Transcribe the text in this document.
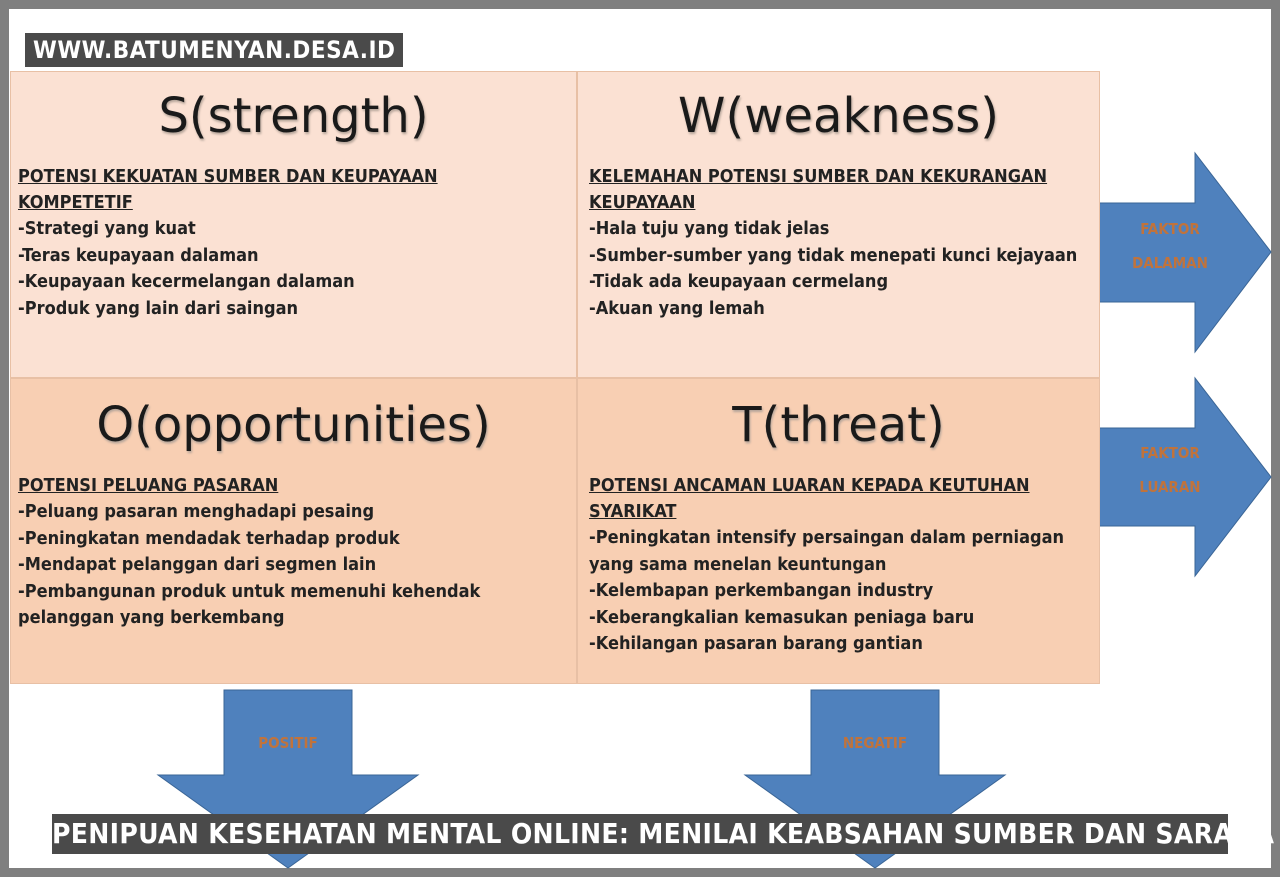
FAKTOR
DALAMAN
FAKTOR
LUARAN
POSITIF	NEGATIF
S(strength)
POTENSI KEKUATAN SUMBER DAN KEUPAYAAN
KOMPETETIF
-Strategi yang kuat
-Teras keupayaan dalaman
-Keupayaan kecermelangan dalaman
-Produk yang lain dari saingan
W(weakness)
KELEMAHAN POTENSI SUMBER DAN KEKURANGAN
KEUPAYAAN
-Hala tuju yang tidak jelas
-Sumber-sumber yang tidak menepati kunci kejayaan
-Tidak ada keupayaan cermelang
-Akuan yang lemah
O(opportunities)
POTENSI PELUANG PASARAN
-Peluang pasaran menghadapi pesaing
-Peningkatan mendadak terhadap produk
-Mendapat pelanggan dari segmen lain
-Pembangunan produk untuk memenuhi kehendak
pelanggan yang berkembang
T(threat)
POTENSI ANCAMAN LUARAN KEPADA KEUTUHAN
SYARIKAT
-Peningkatan intensify persaingan dalam perniagan
yang sama menelan keuntungan
-Kelembapan perkembangan industry
-Keberangkalian kemasukan peniaga baru
-Kehilangan pasaran barang gantian
WWW.BATUMENYAN.DESA.ID
PENIPUAN KESEHATAN MENTAL ONLINE: MENILAI KEABSAHAN SUMBER DAN SARANA
